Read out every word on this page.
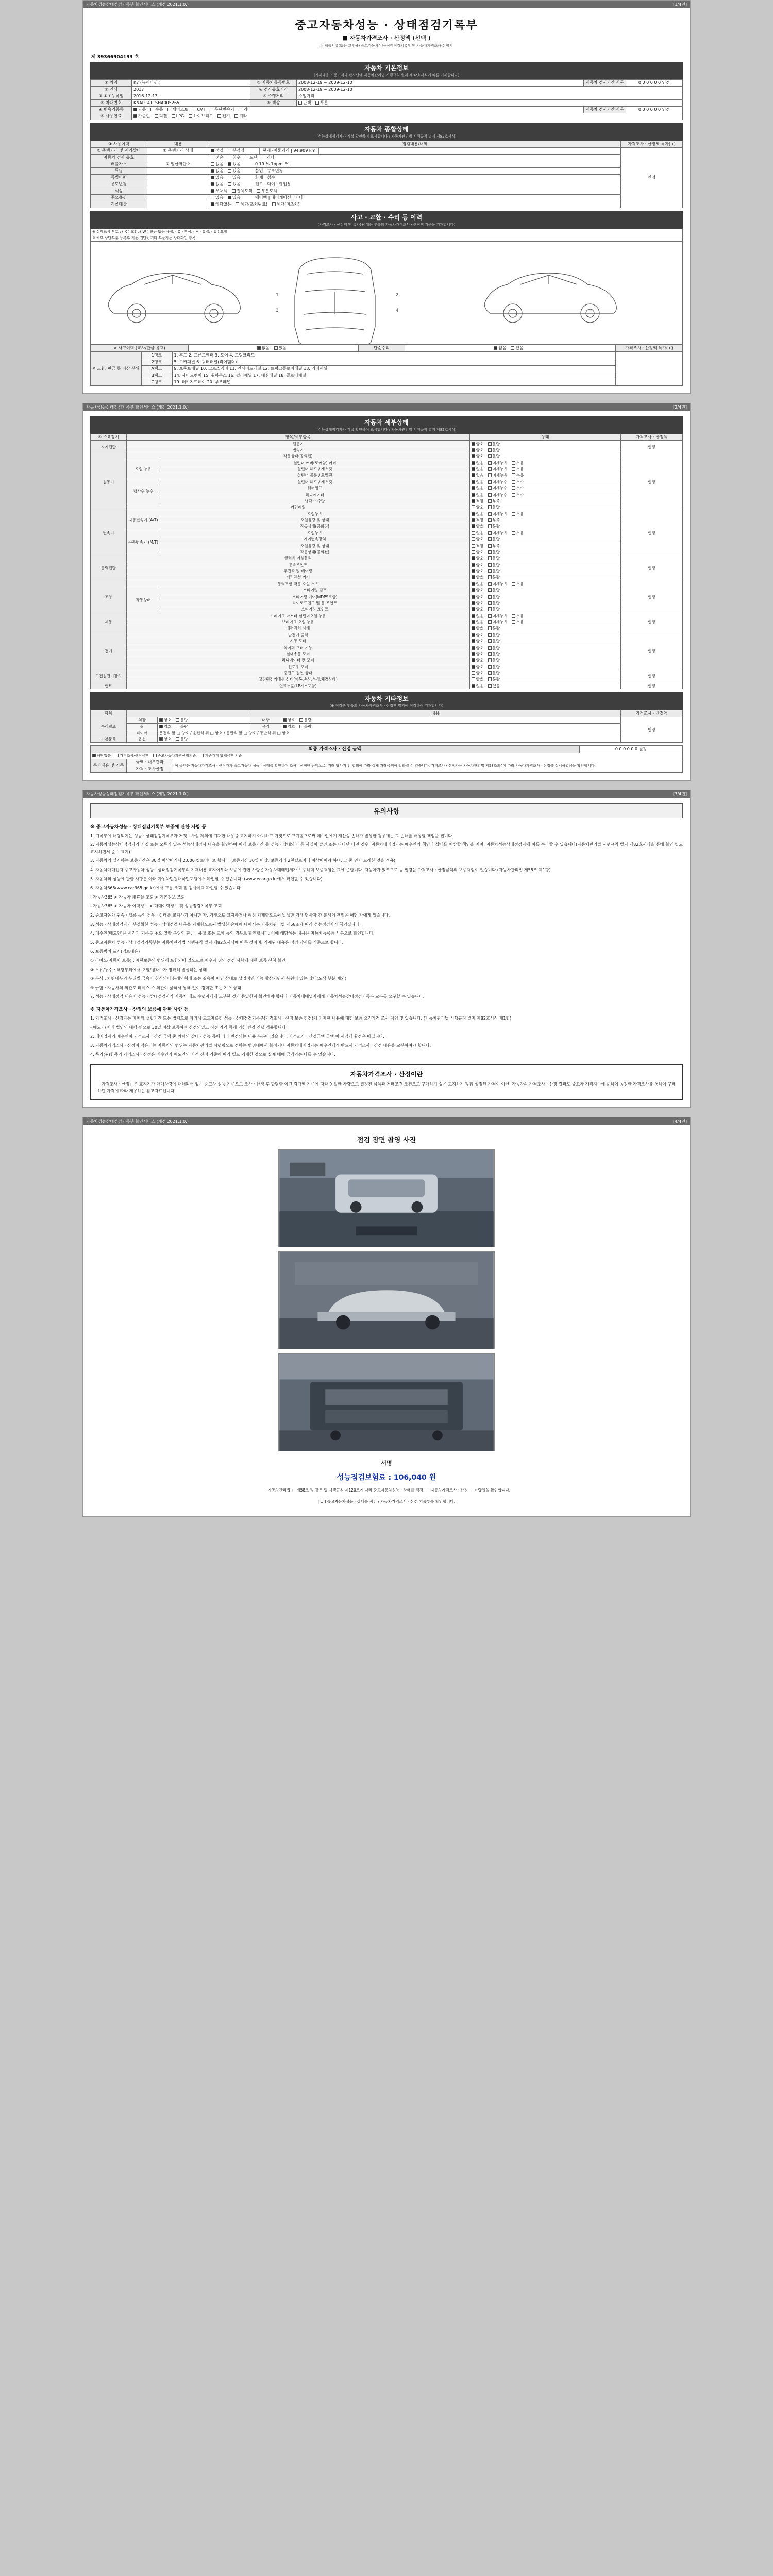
자동차성능상태점검기록부 확인서비스 (개정 2021.1.0.)	[1/4면]
중고자동차성능 · 상태점검기록부
■ 자동차가격조사 · 산정액 (선택 )
※ 제출서류(또는 교부용) 중고자동차성능·상태점검기록부 및 자동차가격조사·산정서
제 39366904193 호
자동차 기본정보
(기재내용 기준가격과 판사단에 자동차관리법 시행규칙 별지 제82호서식에 따른 기재합니다)
① 차명	K7 (뉴에디션 )	② 자동차등록번호	2008-12-19 ~ 2009-12-10	자동차 검사기간 사용	0 0 0 0 0 0 인정
② 연식	2017	④ 검사유효기간	2008-12-19 ~ 2009-12-10		
③ 최초등록일	2016-12-13	④ 주행거리	주행거리		
④ 차대번호	KNALC411SHA005265	④ 색상	단색 투톤		
④ 변속기종류	자동 수동 세미오토 CVT 무단변속기 기타			자동차 검사기간 사용	0 0 0 0 0 0 인정
④ 사용연료	가솔린 디젤 LPG 하이브리드 전기 기타				
자동차 종합상태
(성능상태점검자가 직접 확인하여 표시합니다 / 자동차관리법 시행규칙 별지 제82호서식)
③ 사용이력	내용	점검내용/내역	가격조사 · 산정액 특가(+)
② 주행거리 및 계기상태	① 주행거리 상태	적정 부적정 현재 -머물거리 | 94,909 km	인정
자동차 검사 유효		전손 침수 도난 기타	
배출가스	① 일산화탄소	없음 있음 0.19 % 1ppm, %	
튜닝		없음 있음 불법 | 구조변경	
특별이력		없음 있음 화재 | 침수	
용도변경		없음 있음 렌트 | 대여 | 영업용	
색상		무채색 전체도색 부분도색	
주요옵션		없음 있음 에어백 | 내비게이션 | 기타	
리콜대상		해당없음 해당(조치완료) 해당(미조치)	
사고 · 교환 · 수리 등 이력
(가격조사 · 산정액 및 특가(+)에는 부속의 자동차가격조사 · 산정액 기준을 기재합니다)
※ 상태표시 부호 : ( X ) 교환, ( W ) 판금 또는 용접, ( C ) 부식, ( A ) 흠집, ( U ) 요철
※ 하부 상단부분 등록후 기준(진단), 기타 부품자동 상태확인 항목
1
3
2
4
※ 사고이력 (교차/판금 유효)	없음 있음	단순수리	없음 있음	가격조사 · 산정액 특가(+)
※ 교환, 판금 등 이상 부위	1랭크	1. 후드 2. 프론트휀더 3. 도어 4. 트렁크리드	
	2랭크	5. 로커패널 6. 쿼터패널(리어휀더)	
	A랭크	9. 프론트패널 10. 크로스멤버 11. 인사이드패널 12. 트렁크플로어패널 13. 리어패널	
	B랭크	14. 사이드멤버 15. 휠하우스 16. 필러패널 17. 대쉬패널 18. 플로어패널	
	C랭크	19. 패키지트레이 20. 루프패널	
자동차성능상태점검기록부 확인서비스 (개정 2021.1.0.)	[2/4면]
자동차 세부상태
(성능상태점검자가 직접 확인하여 표시합니다 / 자동차관리법 시행규칙 별지 제82호서식)
④ 주요장치	항목/세부항목		상태	가격조사 · 산정액
자기진단	원동기		양호 불량	인정
	변속기		양호 불량	
원동기	작동상태(공회전)		양호 불량	인정
	오일 누유	실린더 커버(로커암) 커버	없음 미세누유 누유	
		실린더 헤드 / 개스킷	없음 미세누유 누유	
		실린더 블록 / 오일팬	없음 미세누유 누유	
	냉각수 누수	실린더 헤드 / 개스킷	없음 미세누수 누수	
		워터펌프	없음 미세누수 누수	
		라디에이터	없음 미세누수 누수	
		냉각수 수량	적정 부족	
	커먼레일		양호 불량	
변속기	자동변속기 (A/T)	오일누유	없음 미세누유 누유	인정
		오일유량 및 상태	적정 부족	
		작동상태(공회전)	양호 불량	
	수동변속기 (M/T)	오일누유	없음 미세누유 누유	
		기어변속장치	양호 불량	
		오일유량 및 상태	적정 부족	
		작동상태(공회전)	양호 불량	
동력전달	클러치 어셈블리		양호 불량	인정
	등속조인트		양호 불량	
	추진축 및 베어링		양호 불량	
	디퍼렌셜 기어		양호 불량	
조향	동력조향 작동 오일 누유		없음 미세누유 누유	인정
	작동상태	스티어링 펌프	양호 불량	
		스티어링 기어(MDPS포함)	양호 불량	
		타이로드엔드 및 볼 조인트	양호 불량	
		스티어링 조인트	양호 불량	
제동	브레이크 마스터 실린더오일 누유		없음 미세누유 누유	인정
	브레이크 오일 누유		없음 미세누유 누유	
	배력장치 상태		양호 불량	
전기	발전기 출력		양호 불량	인정
	시동 모터		양호 불량	
	와이퍼 모터 기능		양호 불량	
	실내송풍 모터		양호 불량	
	라디에이터 팬 모터		양호 불량	
	윈도우 모터		양호 불량	
고전원전기장치	충전구 절연 상태		양호 불량	인정
	고전원전기배선 상태(피복,손상,부식,체결상태)		양호 불량	
연료	연료누출(LP가스포함)		없음 있음	인정
자동차 기타정보
(※ 점검은 부속의 자동차가격조사 · 산정액 별지에 점검하여 기재합니다)
항목			내용		가격조사 · 산정액
수리필요	외장	양호 불량	내장	양호 불량	인정
	휠	양호 불량	유리	양호 불량	
	타이어	운전석 앞 □ 양호 / 운전석 뒤 □ 양호 / 동반석 앞 □ 양호 / 동반석 뒤 □ 양호			
기본품목	옵션	양호 불량			
최종 가격조사 · 산정 금액			0 0 0 0 0 0 원정
해당없음 가격조사·산정금액 중고자동차가격산정기준 기준가격 합계금액 기준			
특가내용 및 기준	금액 · 내부결과	이 금액은 자동차가격조사 · 산정자가 중고자동차 성능 · 상태를 확인하여 조사 · 산정한 금액으로, 거래 당사자 간 합의에 따라 실제 거래금액이 달라질 수 있습니다. 가격조사 · 산정자는 자동차관리법 제58조의4에 따라 자동차가격조사 · 산정을 실시하였음을 확인합니다.	
	가격 · 조사산정		
자동차성능상태점검기록부 확인서비스 (개정 2021.1.0.)	[3/4면]
유의사항
※ 중고자동차성능 · 상태점검기록부 보증에 관한 사항 등
1. 기록부에 해당되기는 성능 · 상태점검기록부가 거짓 · 사실 제외에 기재한 내용을 교지하기 아니하고 거짓으로 교지할으로써 매수인에게 재산상 손해가 발생한 경우에는 그 손해를 배상할 책임을 집니다.
2. 자동차성능상태점검자가 거짓 또는 오류가 있는 성능상태검사 내용을 확인하여 이에 보증기간 중 성능 · 상태와 다른 사실이 발견 또는 나타난 다면 경우, 자동차매매업자는 매수인의 책임과 상태를 배상할 책임을 지며, 자동차성능상태점검자에 이를 수리할 수 있습니다(자동차관리법 시행규칙 별지 제82호서식을 통해 확인 별도 표시하면서 준수 표기)
3. 자동차의 실시하는 보증기간은 30일 이상이거나 2,000 킬로미터로 합니다 (보증기간 30일 이상, 보증거리 2천킬로미터 이상이어야 하며, 그 중 먼저 도래한 것을 적용)
4. 자동차매매업자 중고자동차 성능 · 상태점검기록부의 기재내용 교지여부와 보증에 관한 사항은 자동차매매업체가 보증하며 보증책임은 그에 준합니다. 자동차가 있으므로 동 법령을 가격조사 · 산정금액의 보증책임이 없습니다 (자동차관리법 제58조 제1항)
5. 자동차의 성능에 관한 사항은 아래 자동차민원대국민포털에서 확인할 수 있습니다. (www.ecar.go.kr에서 확인할 수 있습니다)
6. 자동차365(www.car365.go.kr)에서 교통 조회 및 검사이력 확인할 수 있습니다.
- 자동차365 > 자동차 排除물 조회 > 기본정보 조회
- 자동차365 > 자동차 이력정보 > 매매이력정보 및 성능점검기록부 조회
2. 중고자동차 귀속 · 압류 등의 경우 · 상태를 교지하기 아니한 자, 거짓으로 교지하거나 허위 기재함으로써 발생한 거래 당사자 간 분쟁의 책임은 해당 자에게 있습니다.
3. 성능 · 상태점검자가 부정확한 성능 · 상태점검 내용을 기재함으로써 발생한 손해에 대해서는 자동차관리법 제58조에 따라 성능점검자가 책임집니다.
4. 매수인(매도인)은 시간과 기록부 주요 열람 부위의 판금 · 용접 또는 교체 등의 경우로 확인합니다. 이에 해당하는 내용은 자동차등록증 사본으로 확인합니다.
5. 중고자동차 성능 · 상태점검기록부는 자동차관리법 시행규칙 별지 제82호서식에 따른 것이며, 기재된 내용은 점검 당시를 기준으로 합니다.
6. 보증범위 표시(검토내용)
① 라이노(자동차 보증) : 제한보증의 범위에 포함되어 있으므로 매수자 위의 점검 사항에 대한 보증 신청 확인
② 누유/누수 : 해당부위에서 오일/냉각수가 명확히 발생하는 상태
③ 부식 : 차량내부의 부위별 금속이 침식되어 본래의형태 또는 결속이 아닌 상태로 삽입적인 기능 향상되면서 복원이 있는 상태(도색 부분 제외)
④ 긁힘 : 자동차의 외관도 레이스 주 외관이 긁혀서 통해 없이 경미한 또는 기스 상태
7. 성능 · 상태점검 내용이 성능 · 상태점검자가 자동차 매도 수행자에게 교부한 것과 동일한지 확인해야 합니다 자동차매매업자에게 자동차성능상태점검기록부 교부를 요구할 수 있습니다.
※ 자동차가격조사 · 산정의 보증에 관한 사항 등
1. 가격조사 · 산정자는 매매의 성립기간 또는 법령으로 따라서 교교자를한 성능 · 상태점검기록부(가격조사 · 산정 보증 한정)에 기재한 내용에 대한 보증 요건가격 조사 책임 및 있습니다. (자동차관리법 시행규칙 별지 제82호서식 제1항)
- 매도자(매매 법인의 대행)인으로 30일 이상 보증하여 산정되었고 직전 가격 등에 의한 변경 진행 적용합니다
2. 매매업자의 매수인이 가격조사 · 산정 금액 중 차량의 상태 · 성능 등에 따라 변경되는 내용 부분이 있습니다. 가격조사 · 산정금액 금액 이 시점에 확정은 아닙니다.
3. 자동차가격조사 · 산정이 적용되는 자동차의 범위는 자동차관리법 시행령으로 정하는 범위내에서 확정되며 자동차매매업자는 매수인에게 반드시 가격조사 · 산정 내용을 교부하여야 합니다.
4. 특가(+)항목의 가격조사 · 산정은 매수인과 매도인의 가격 산정 기준에 따라 별도 기재한 것으로 실제 매매 금액과는 다를 수 있습니다.
자동차가격조사 · 산정이란
「가격조사 · 산정」은 교지기가 매매차량에 대해되어 있는 중고차 성능 기준으로 조사 · 산정 후 합당한 이런 감가액 기준에 따라 동일한 차량으로 결정된 금액과 거래조건 조건으로 구매하기 싶은 교지하기 맞춰 설정된 가격이 아닌, 자동차의 가격조사 · 산정 결과로 중고차 가격지수에 준하여 공정한 가격조사를 통하여 구매하던 가격에 따라 제공하는 참고자료입니다.
자동차성능상태점검기록부 확인서비스 (개정 2021.1.0.)	[4/4면]
점검 장면 촬영 사진
서명
성능점검보험료 : 106,040 원
「 자동차관리법 」 제58조 및 같은 법 시행규칙 제120조에 따라 중고자동차성능 · 상태를 점검, 「 자동차가격조사 · 산정 」 바랍겠을 확인합니다.
[ 1 ] 중고자동차성능 · 상태를 점검 / 자동차가격조사 · 산정 기록부를 확인합니다.
